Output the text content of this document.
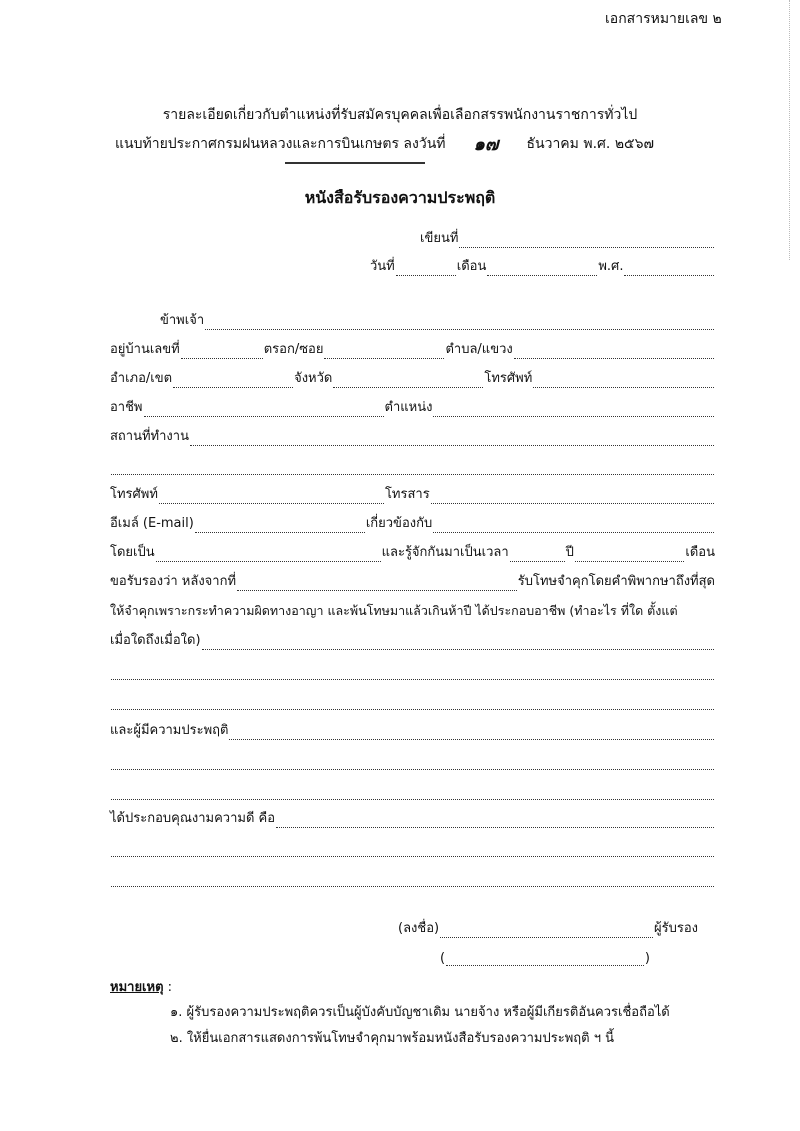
เอกสารหมายเลข ๒
รายละเอียดเกี่ยวกับตำแหน่งที่รับสมัครบุคคลเพื่อเลือกสรรพนักงานราชการทั่วไป
แนบท้ายประกาศกรมฝนหลวงและการบินเกษตร ลงวันที่ ๑๗ ธันวาคม พ.ศ. ๒๕๖๗
หนังสือรับรองความประพฤติ
เขียนที่
วันที่	เดือน	พ.ศ.
ข้าพเจ้า
อยู่บ้านเลขที่	ตรอก/ซอย	ตำบล/แขวง
อำเภอ/เขต	จังหวัด	โทรศัพท์
อาชีพ	ตำแหน่ง
สถานที่ทำงาน
โทรศัพท์	โทรสาร
อีเมล์ (E-mail)	เกี่ยวข้องกับ
โดยเป็น	และรู้จักกันมาเป็นเวลา	ปี	เดือน
ขอรับรองว่า หลังจากที่	รับโทษจำคุกโดยคำพิพากษาถึงที่สุด
ให้จำคุกเพราะกระทำความผิดทางอาญา และพ้นโทษมาแล้วเกินห้าปี ได้ประกอบอาชีพ (ทำอะไร ที่ใด ตั้งแต่
เมื่อใดถึงเมื่อใด)
และผู้มีความประพฤติ
ได้ประกอบคุณงามความดี คือ
(ลงชื่อ)	ผู้รับรอง
(	)
หมายเหตุ :
๑. ผู้รับรองความประพฤติควรเป็นผู้บังคับบัญชาเดิม นายจ้าง หรือผู้มีเกียรติอันควรเชื่อถือได้
๒. ให้ยื่นเอกสารแสดงการพ้นโทษจำคุกมาพร้อมหนังสือรับรองความประพฤติ ฯ นี้
